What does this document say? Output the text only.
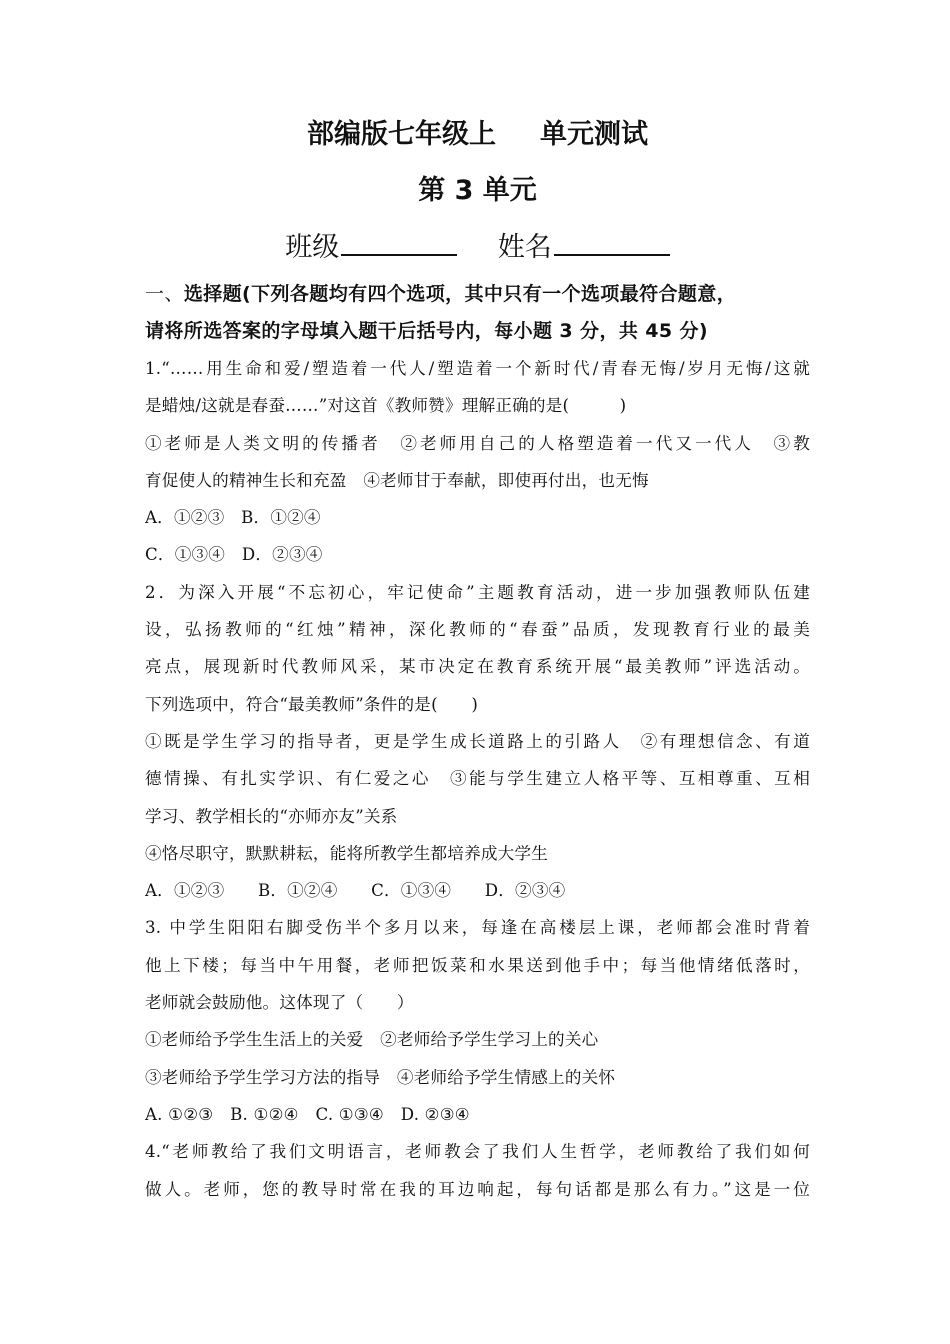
部编版七年级上 单元测试
第 3 单元
班级	姓名
一、选择题(下列各题均有四个选项，其中只有一个选项最符合题意，
请将所选答案的字母填入题干后括号内，每小题 3 分，共 45 分)

1.“……用生命和爱/塑造着一代人/塑造着一个新时代/青春无悔/岁月无悔/这就

是蜡烛/这就是春蚕……”对这首《教师赞》理解正确的是(　　　)

①老师是人类文明的传播者　②老师用自己的人格塑造着一代又一代人　③教

育促使人的精神生长和充盈　④老师甘于奉献，即使再付出，也无悔

A．①②③　B．①②④

C．①③④　D．②③④

2．为深入开展“不忘初心，牢记使命”主题教育活动，进一步加强教师队伍建

设，弘扬教师的“红烛”精神，深化教师的“春蚕”品质，发现教育行业的最美

亮点，展现新时代教师风采，某市决定在教育系统开展“最美教师”评选活动。

下列选项中，符合“最美教师”条件的是(　　)

①既是学生学习的指导者，更是学生成长道路上的引路人　②有理想信念、有道

德情操、有扎实学识、有仁爱之心　③能与学生建立人格平等、互相尊重、互相

学习、教学相长的“亦师亦友”关系

④恪尽职守，默默耕耘，能将所教学生都培养成大学生

A．①②③　　B．①②④　　C．①③④　　D．②③④

3. 中学生阳阳右脚受伤半个多月以来，每逢在高楼层上课，老师都会准时背着

他上下楼；每当中午用餐，老师把饭菜和水果送到他手中；每当他情绪低落时，

老师就会鼓励他。这体现了（　　）

①老师给予学生生活上的关爱　②老师给予学生学习上的关心

③老师给予学生学习方法的指导　④老师给予学生情感上的关怀

A. ①②③　B. ①②④　C. ①③④　D. ②③④

4.“老师教给了我们文明语言，老师教会了我们人生哲学，老师教给了我们如何

做人。老师，您的教导时常在我的耳边响起，每句话都是那么有力。”这是一位
